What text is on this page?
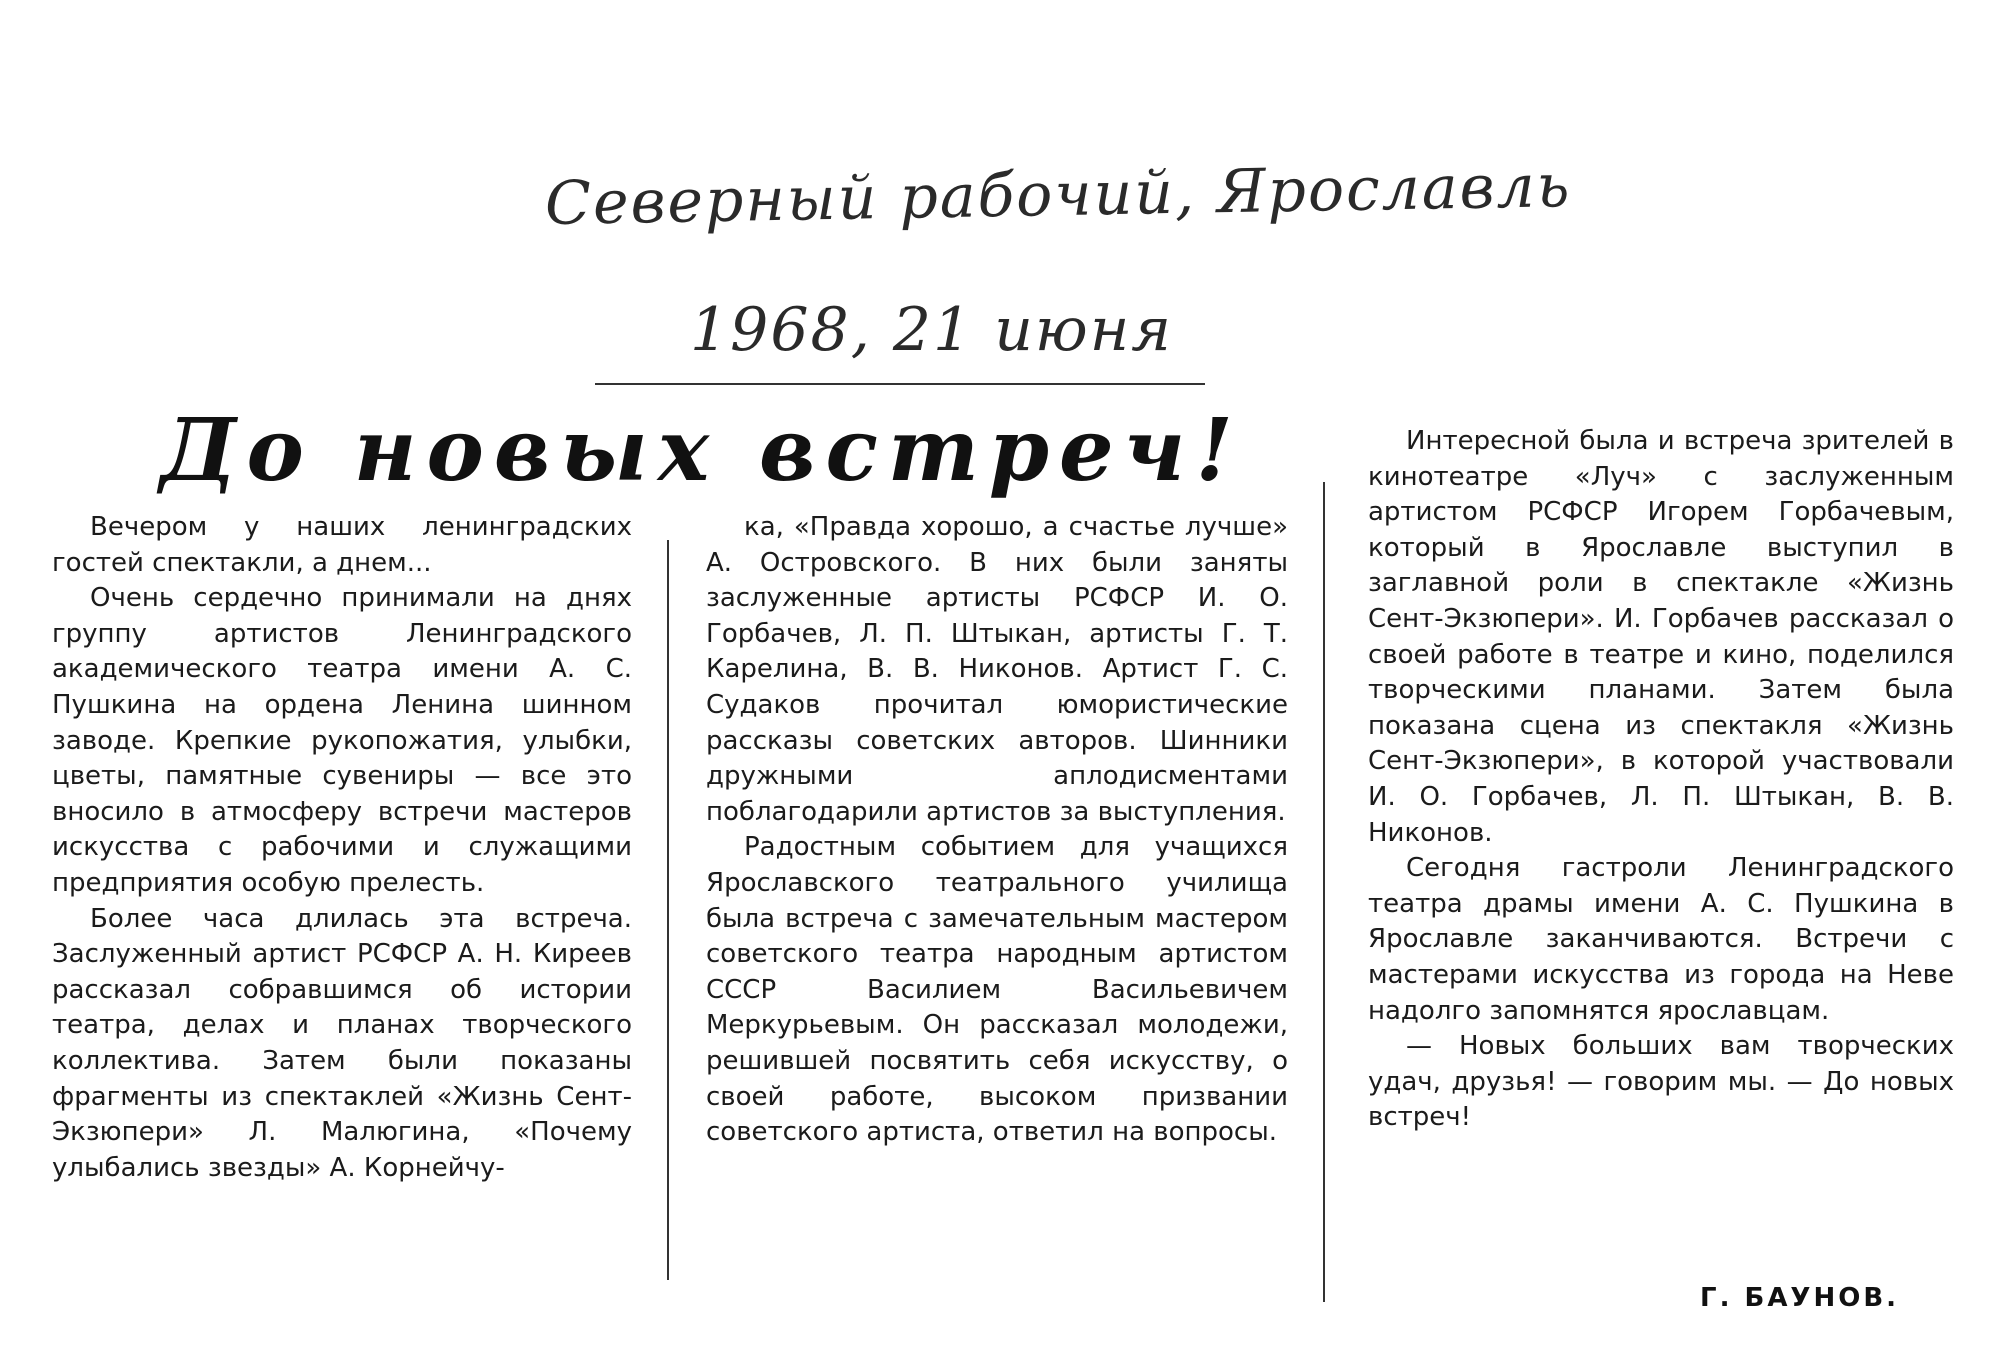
Северный рабочий, Ярославль
1968, 21 июня
До новых встреч!

Вечером у наших ленинградских гостей спектакли, а днем...

Очень сердечно принимали на днях группу артистов Ленинградского академического театра имени А. С. Пушкина на ордена Ленина шинном заводе. Крепкие рукопожатия, улыбки, цветы, памятные сувениры — все это вносило в атмосферу встречи мастеров искусства с рабочими и служащими предприятия особую прелесть.

Более часа длилась эта встреча. Заслуженный артист РСФСР А. Н. Киреев рассказал собравшимся об истории театра, делах и планах творческого коллектива. Затем были показаны фрагменты из спектаклей «Жизнь Сент-Экзюпери» Л. Малюгина, «Почему улыбались звезды» А. Корнейчу-

ка, «Правда хорошо, а счастье лучше» А. Островского. В них были заняты заслуженные артисты РСФСР И. О. Горбачев, Л. П. Штыкан, артисты Г. Т. Карелина, В. В. Никонов. Артист Г. С. Судаков прочитал юмористические рассказы советских авторов. Шинники дружными аплодисментами поблагодарили артистов за выступления.

Радостным событием для учащихся Ярославского театрального училища была встреча с замечательным мастером советского театра народным артистом СССР Василием Васильевичем Меркурьевым. Он рассказал молодежи, решившей посвятить себя искусству, о своей работе, высоком призвании советского артиста, ответил на вопросы.

Интересной была и встреча зрителей в кинотеатре «Луч» с заслуженным артистом РСФСР Игорем Горбачевым, который в Ярославле выступил в заглавной роли в спектакле «Жизнь Сент-Экзюпери». И. Горбачев рассказал о своей работе в театре и кино, поделился творческими планами. Затем была показана сцена из спектакля «Жизнь Сент-Экзюпери», в которой участвовали И. О. Горбачев, Л. П. Штыкан, В. В. Никонов.

Сегодня гастроли Ленинградского театра драмы имени А. С. Пушкина в Ярославле заканчиваются. Встречи с мастерами искусства из города на Неве надолго запомнятся ярославцам.

— Новых больших вам творческих удач, друзья! — говорим мы. — До новых встреч!

Г. БАУНОВ.
